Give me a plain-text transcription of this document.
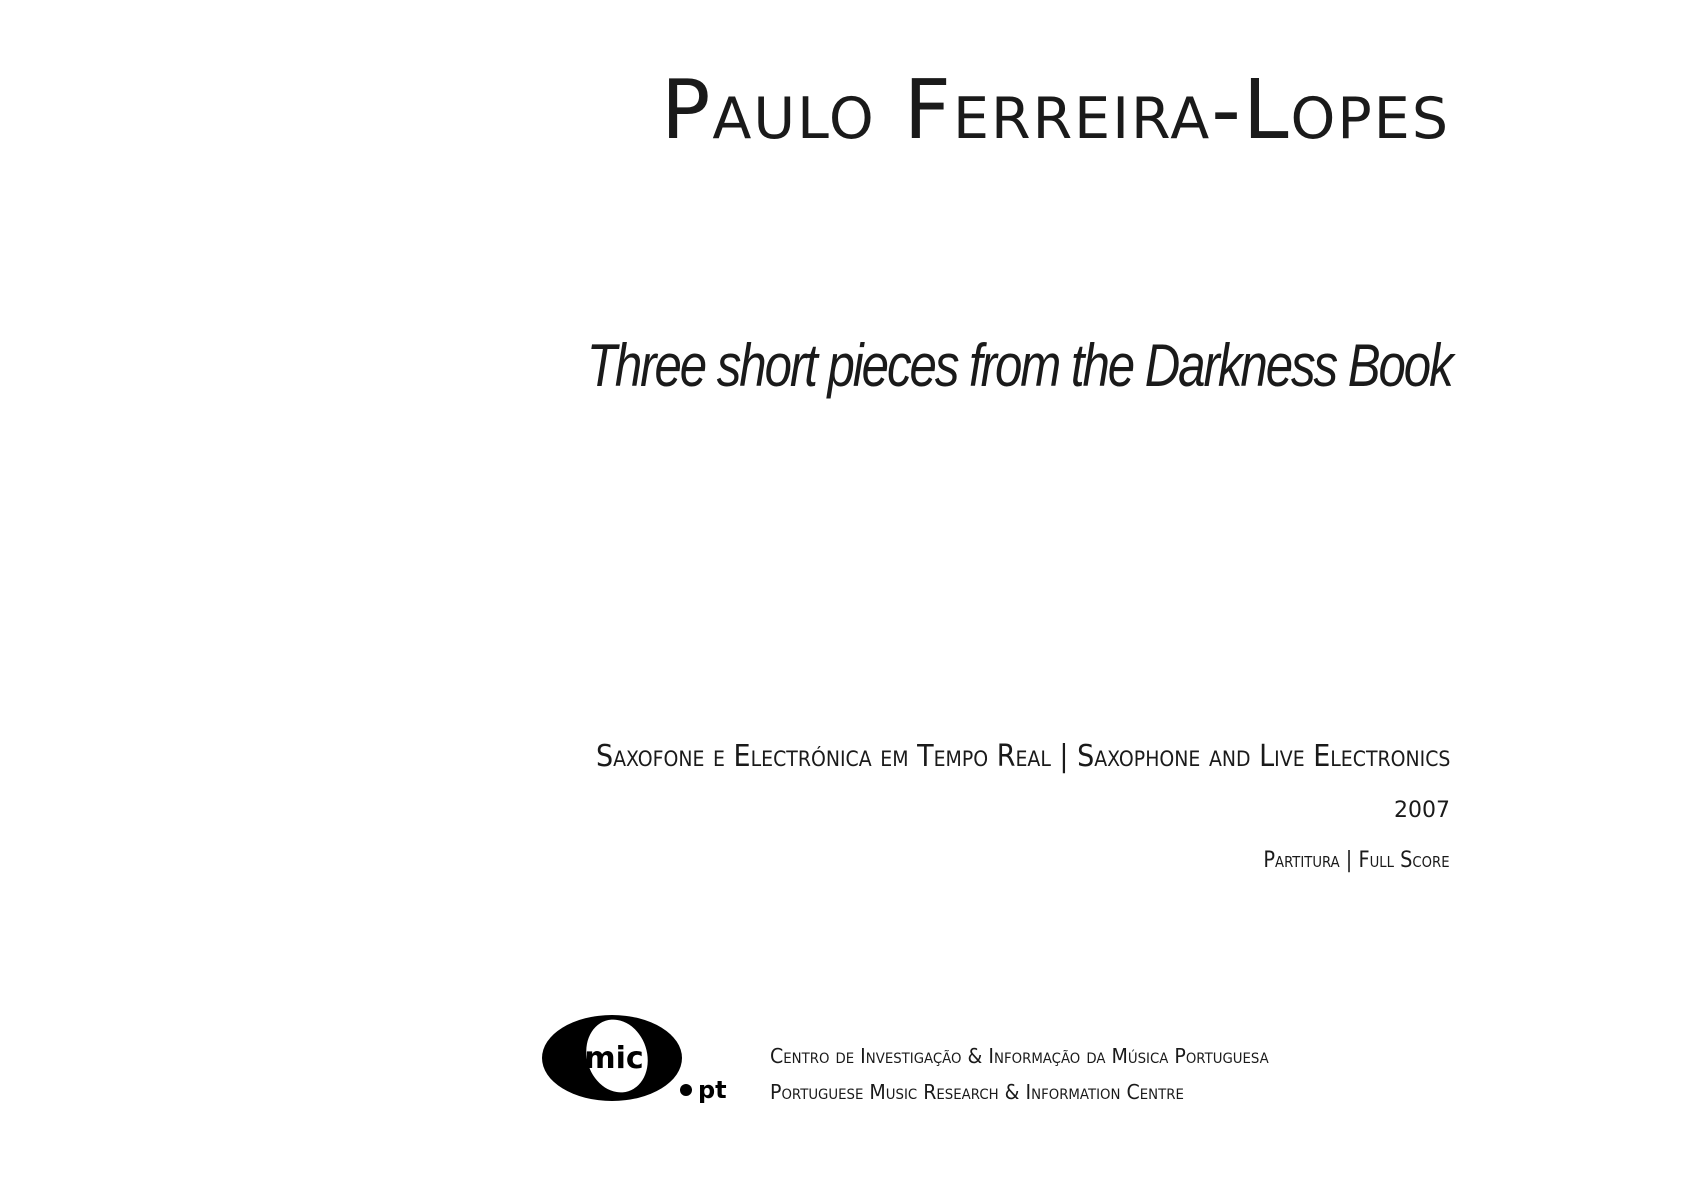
Paulo Ferreira-Lopes
Three short pieces from the Darkness Book
Saxofone e Electrónica em Tempo Real | Saxophone and Live Electronics
2007
Partitura | Full Score
mic
pt
Centro de Investigação & Informação da Música Portuguesa
Portuguese Music Research & Information Centre
